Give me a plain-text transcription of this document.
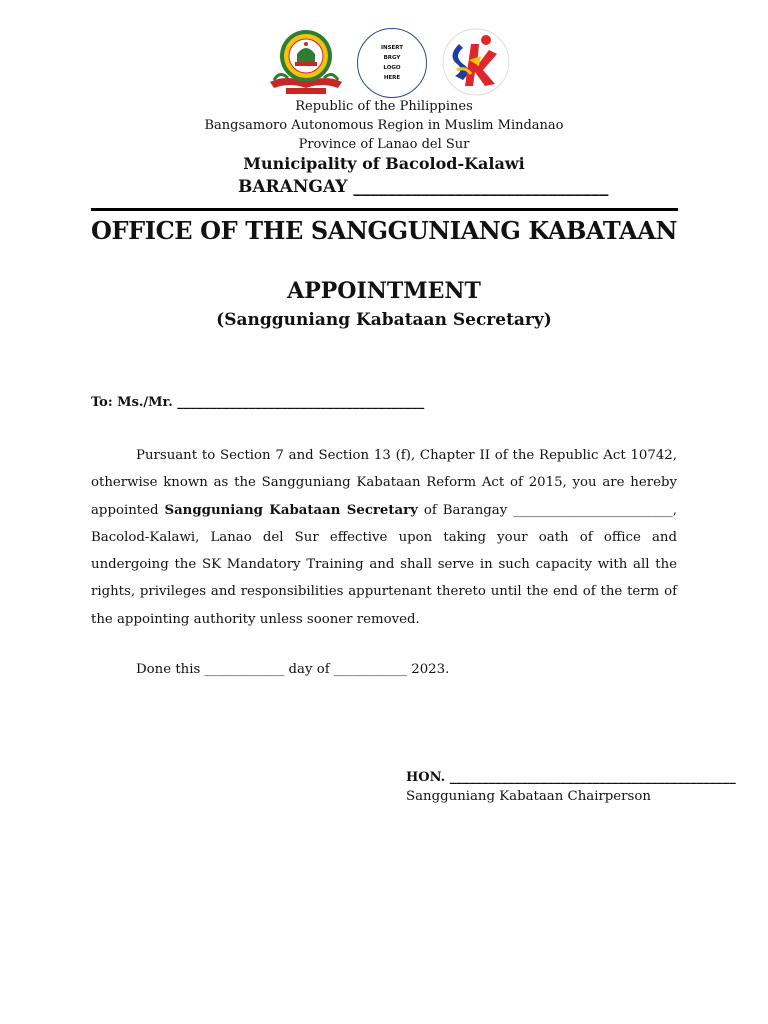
INSERT
BRGY
LOGO
HERE
Republic of the Philippines
Bangsamoro Autonomous Region in Muslim Mindanao
Province of Lanao del Sur
Municipality of Bacolod-Kalawi
BARANGAY ______________________________
OFFICE OF THE SANGGUNIANG KABATAAN
APPOINTMENT
(Sangguniang Kabataan Secretary)
To: Ms./Mr. ______________________________________
Pursuant to Section 7 and Section 13 (f), Chapter II of the Republic Act 10742, otherwise known as the Sangguniang Kabataan Reform Act of 2015, you are hereby appointed Sangguniang Kabataan Secretary of Barangay ________________________, Bacolod-Kalawi, Lanao del Sur effective upon taking your oath of office and undergoing the SK Mandatory Training and shall serve in such capacity with all the rights, privileges and responsibilities appurtenant thereto until the end of the term of the appointing authority unless sooner removed.
Done this ____________ day of ___________ 2023.
HON. ____________________________________________
Sangguniang Kabataan Chairperson
